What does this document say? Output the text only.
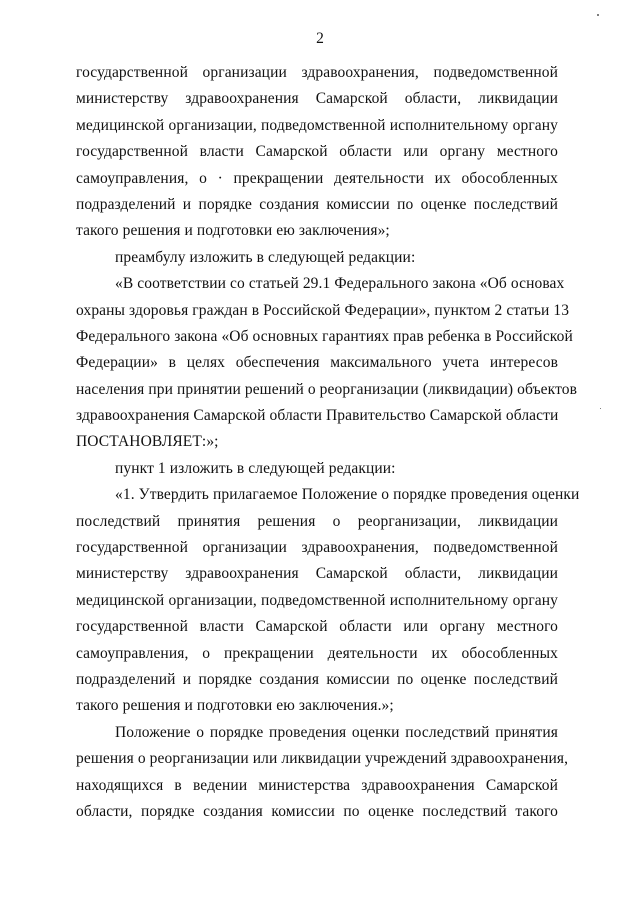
2
государственной организации здравоохранения, подведомственной
министерству здравоохранения Самарской области, ликвидации
медицинской организации, подведомственной исполнительному органу
государственной власти Самарской области или органу местного
самоуправления, о · прекращении деятельности их обособленных
подразделений и порядке создания комиссии по оценке последствий
такого решения и подготовки ею заключения»;
преамбулу изложить в следующей редакции:
«В соответствии со статьей 29.1 Федерального закона «Об основах
охраны здоровья граждан в Российской Федерации», пунктом 2 статьи 13
Федерального закона «Об основных гарантиях прав ребенка в Российской
Федерации» в целях обеспечения максимального учета интересов
населения при принятии решений о реорганизации (ликвидации) объектов
здравоохранения Самарской области Правительство Самарской области
ПОСТАНОВЛЯЕТ:»;
пункт 1 изложить в следующей редакции:
«1. Утвердить прилагаемое Положение о порядке проведения оценки
последствий принятия решения о реорганизации, ликвидации
государственной организации здравоохранения, подведомственной
министерству здравоохранения Самарской области, ликвидации
медицинской организации, подведомственной исполнительному органу
государственной власти Самарской области или органу местного
самоуправления, о прекращении деятельности их обособленных
подразделений и порядке создания комиссии по оценке последствий
такого решения и подготовки ею заключения.»;
Положение о порядке проведения оценки последствий принятия
решения о реорганизации или ликвидации учреждений здравоохранения,
находящихся в ведении министерства здравоохранения Самарской
области, порядке создания комиссии по оценке последствий такого
